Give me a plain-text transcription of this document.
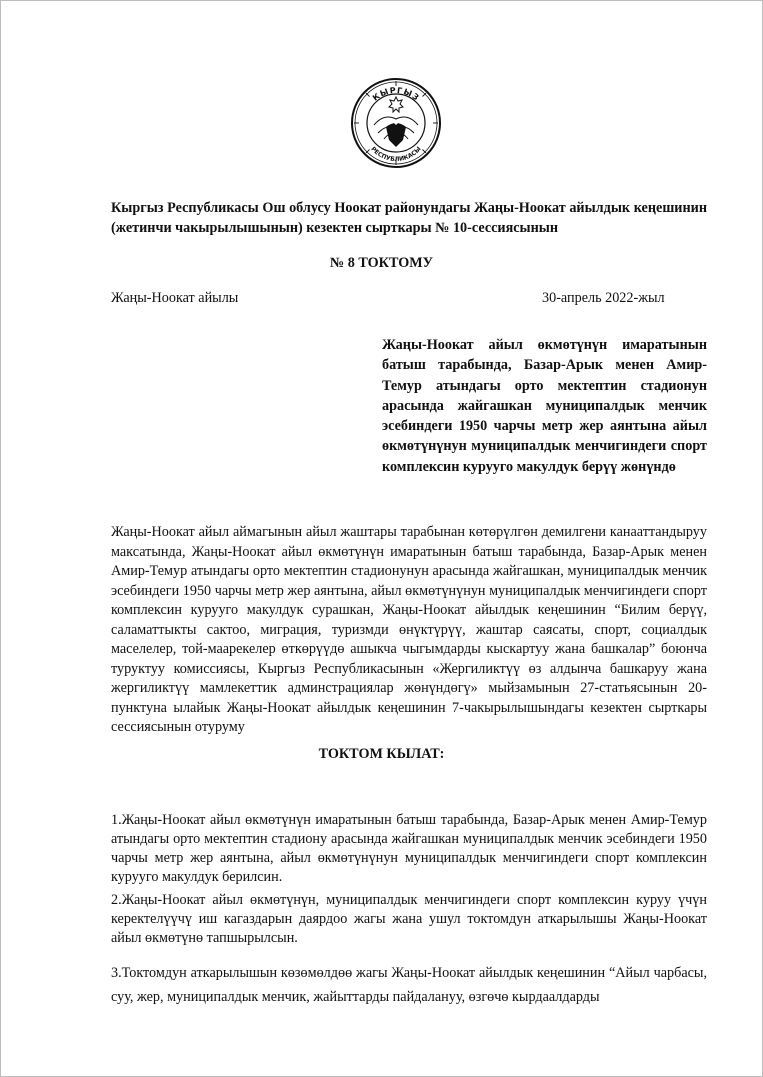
КЫРГЫЗ
РЕСПУБЛИКАСЫ
Кыргыз Республикасы Ош облусу Ноокат районундагы Жаңы-Ноокат айылдык кеңешинин (жетинчи чакырылышынын) кезектен сырткары № 10-сессиясынын
№ 8 ТОКТОМУ
Жаңы-Ноокат айылы	30-апрель 2022-жыл
Жаңы-Ноокат айыл өкмөтүнүн имаратынын батыш тарабында, Базар-Арык менен Амир-Темур атындагы орто мектептин стадионун арасында жайгашкан муниципалдык менчик эсебиндеги 1950 чарчы метр жер аянтына айыл өкмөтүнүнун муниципалдык менчигиндеги спорт комплексин курууго макулдук берүү жөнүндө
Жаңы-Ноокат айыл аймагынын айыл жаштары тарабынан көтөрүлгөн демилгени канааттандыруу максатында, Жаңы-Ноокат айыл өкмөтүнүн имаратынын батыш тарабында, Базар-Арык менен Амир-Темур атындагы орто мектептин стадионунун арасында жайгашкан, муниципалдык менчик эсебиндеги 1950 чарчы метр жер аянтына, айыл өкмөтүнүнун муниципалдык менчигиндеги спорт комплексин курууго макулдук сурашкан, Жаңы-Ноокат айылдык кеңешинин “Билим берүү, саламаттыкты сактоо, миграция, туризмди өнүктүрүү, жаштар саясаты, спорт, социалдык маселелер, той-маарекелер өткөрүүдө ашыкча чыгымдарды кыскартуу жана башкалар” боюнча туруктуу комиссиясы, Кыргыз Республикасынын «Жергиликтүү өз алдынча башкаруу жана жергиликтүү мамлекеттик админстрациялар жөнүндөгү» мыйзамынын 27-статьясынын 20-пунктуна ылайык Жаңы-Ноокат айылдык кеңешинин 7-чакырылышындагы кезектен сырткары сессиясынын отуруму
ТОКТОМ КЫЛАТ:
1.Жаңы-Ноокат айыл өкмөтүнүн имаратынын батыш тарабында, Базар-Арык менен Амир-Темур атындагы орто мектептин стадиону арасында жайгашкан муниципалдык менчик эсебиндеги 1950 чарчы метр жер аянтына, айыл өкмөтүнүнун муниципалдык менчигиндеги спорт комплексин курууго макулдук берилсин.
2.Жаңы-Ноокат айыл өкмөтүнүн, муниципалдык менчигиндеги спорт комплексин куруу үчүн керектелүүчү иш кагаздарын даярдоо жагы жана ушул токтомдун аткарылышы Жаңы-Ноокат айыл өкмөтүнө тапшырылсын.
3.Токтомдун аткарылышын көзөмөлдөө жагы Жаңы-Ноокат айылдык кеңешинин “Айыл чарбасы, суу, жер, муниципалдык менчик, жайыттарды пайдалануу, өзгөчө кырдаалдарды
